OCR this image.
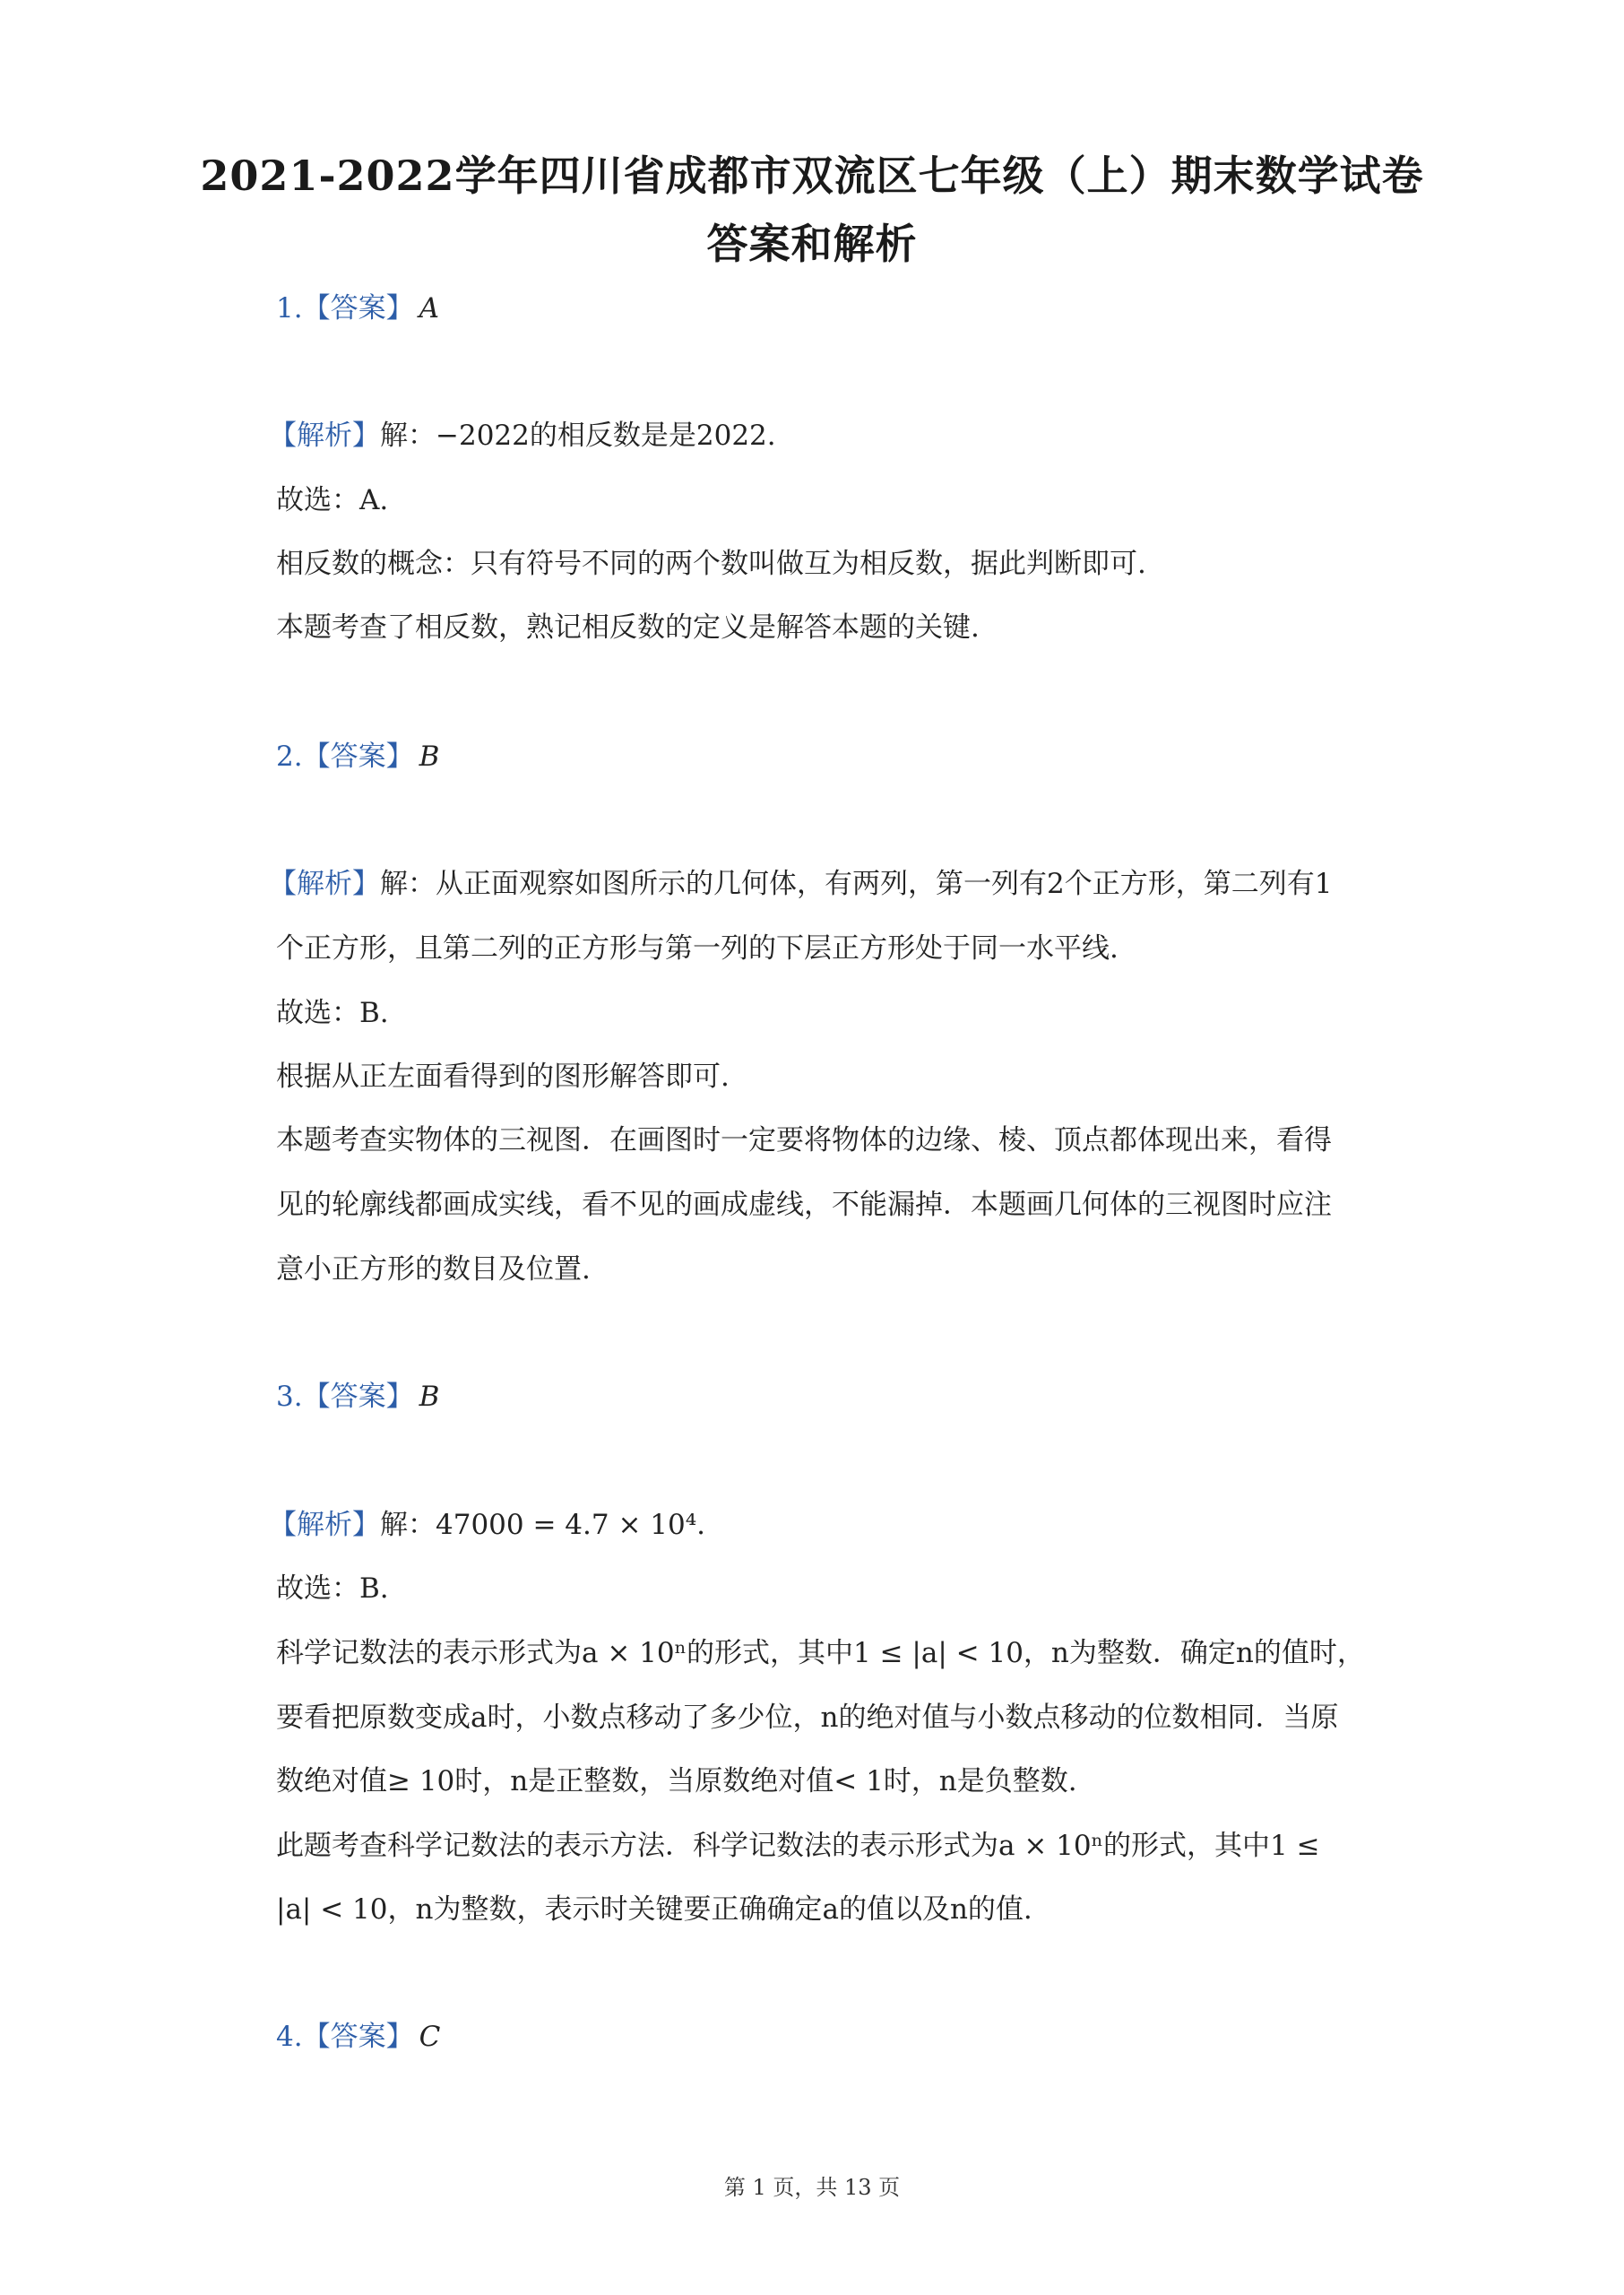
2021-2022学年四川省成都市双流区七年级（上）期末数学试卷
答案和解析
1.【答案】 A
【解析】解：−2022的相反数是是2022.
故选：A.
相反数的概念：只有符号不同的两个数叫做互为相反数，据此判断即可.
本题考查了相反数，熟记相反数的定义是解答本题的关键.
2.【答案】 B
【解析】解：从正面观察如图所示的几何体，有两列，第一列有2个正方形，第二列有1
个正方形，且第二列的正方形与第一列的下层正方形处于同一水平线.
故选：B.
根据从正左面看得到的图形解答即可.
本题考查实物体的三视图．在画图时一定要将物体的边缘、棱、顶点都体现出来，看得
见的轮廓线都画成实线，看不见的画成虚线，不能漏掉．本题画几何体的三视图时应注
意小正方形的数目及位置.
3.【答案】 B
【解析】解：47000 = 4.7 × 10⁴.
故选：B.
科学记数法的表示形式为a × 10ⁿ的形式，其中1 ≤ |a| < 10，n为整数．确定n的值时，
要看把原数变成a时，小数点移动了多少位，n的绝对值与小数点移动的位数相同．当原
数绝对值≥ 10时，n是正整数，当原数绝对值< 1时，n是负整数.
此题考查科学记数法的表示方法．科学记数法的表示形式为a × 10ⁿ的形式，其中1 ≤
|a| < 10，n为整数，表示时关键要正确确定a的值以及n的值.
4.【答案】 C
第 1 页，共 13 页
